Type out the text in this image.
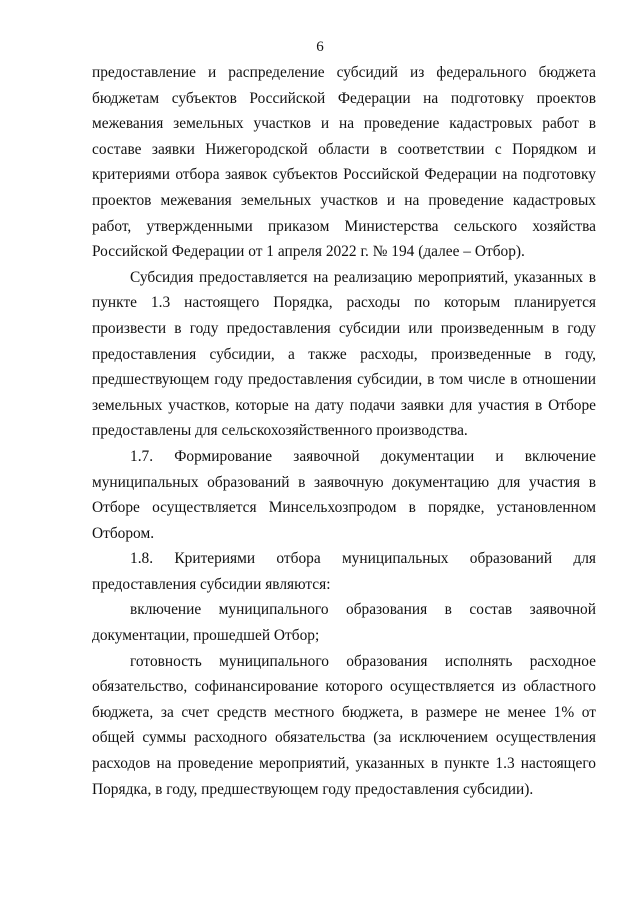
6

предоставление и распределение субсидий из федерального бюджета бюджетам субъектов Российской Федерации на подготовку проектов межевания земельных участков и на проведение кадастровых работ в составе заявки Нижегородской области в соответствии с Порядком и критериями отбора заявок субъектов Российской Федерации на подготовку проектов межевания земельных участков и на проведение кадастровых работ, утвержденными приказом Министерства сельского хозяйства Российской Федерации от 1 апреля 2022 г. № 194 (далее – Отбор).

Субсидия предоставляется на реализацию мероприятий, указанных в пункте 1.3 настоящего Порядка, расходы по которым планируется произвести в году предоставления субсидии или произведенным в году предоставления субсидии, а также расходы, произведенные в году, предшествующем году предоставления субсидии, в том числе в отношении земельных участков, которые на дату подачи заявки для участия в Отборе предоставлены для сельскохозяйственного производства.

1.7. Формирование заявочной документации и включение муниципальных образований в заявочную документацию для участия в Отборе осуществляется Минсельхозпродом в порядке, установленном Отбором.

1.8. Критериями отбора муниципальных образований для предоставления субсидии являются:

включение муниципального образования в состав заявочной документации, прошедшей Отбор;

готовность муниципального образования исполнять расходное обязательство, софинансирование которого осуществляется из областного бюджета, за счет средств местного бюджета, в размере не менее 1% от общей суммы расходного обязательства (за исключением осуществления расходов на проведение мероприятий, указанных в пункте 1.3 настоящего Порядка, в году, предшествующем году предоставления субсидии).
